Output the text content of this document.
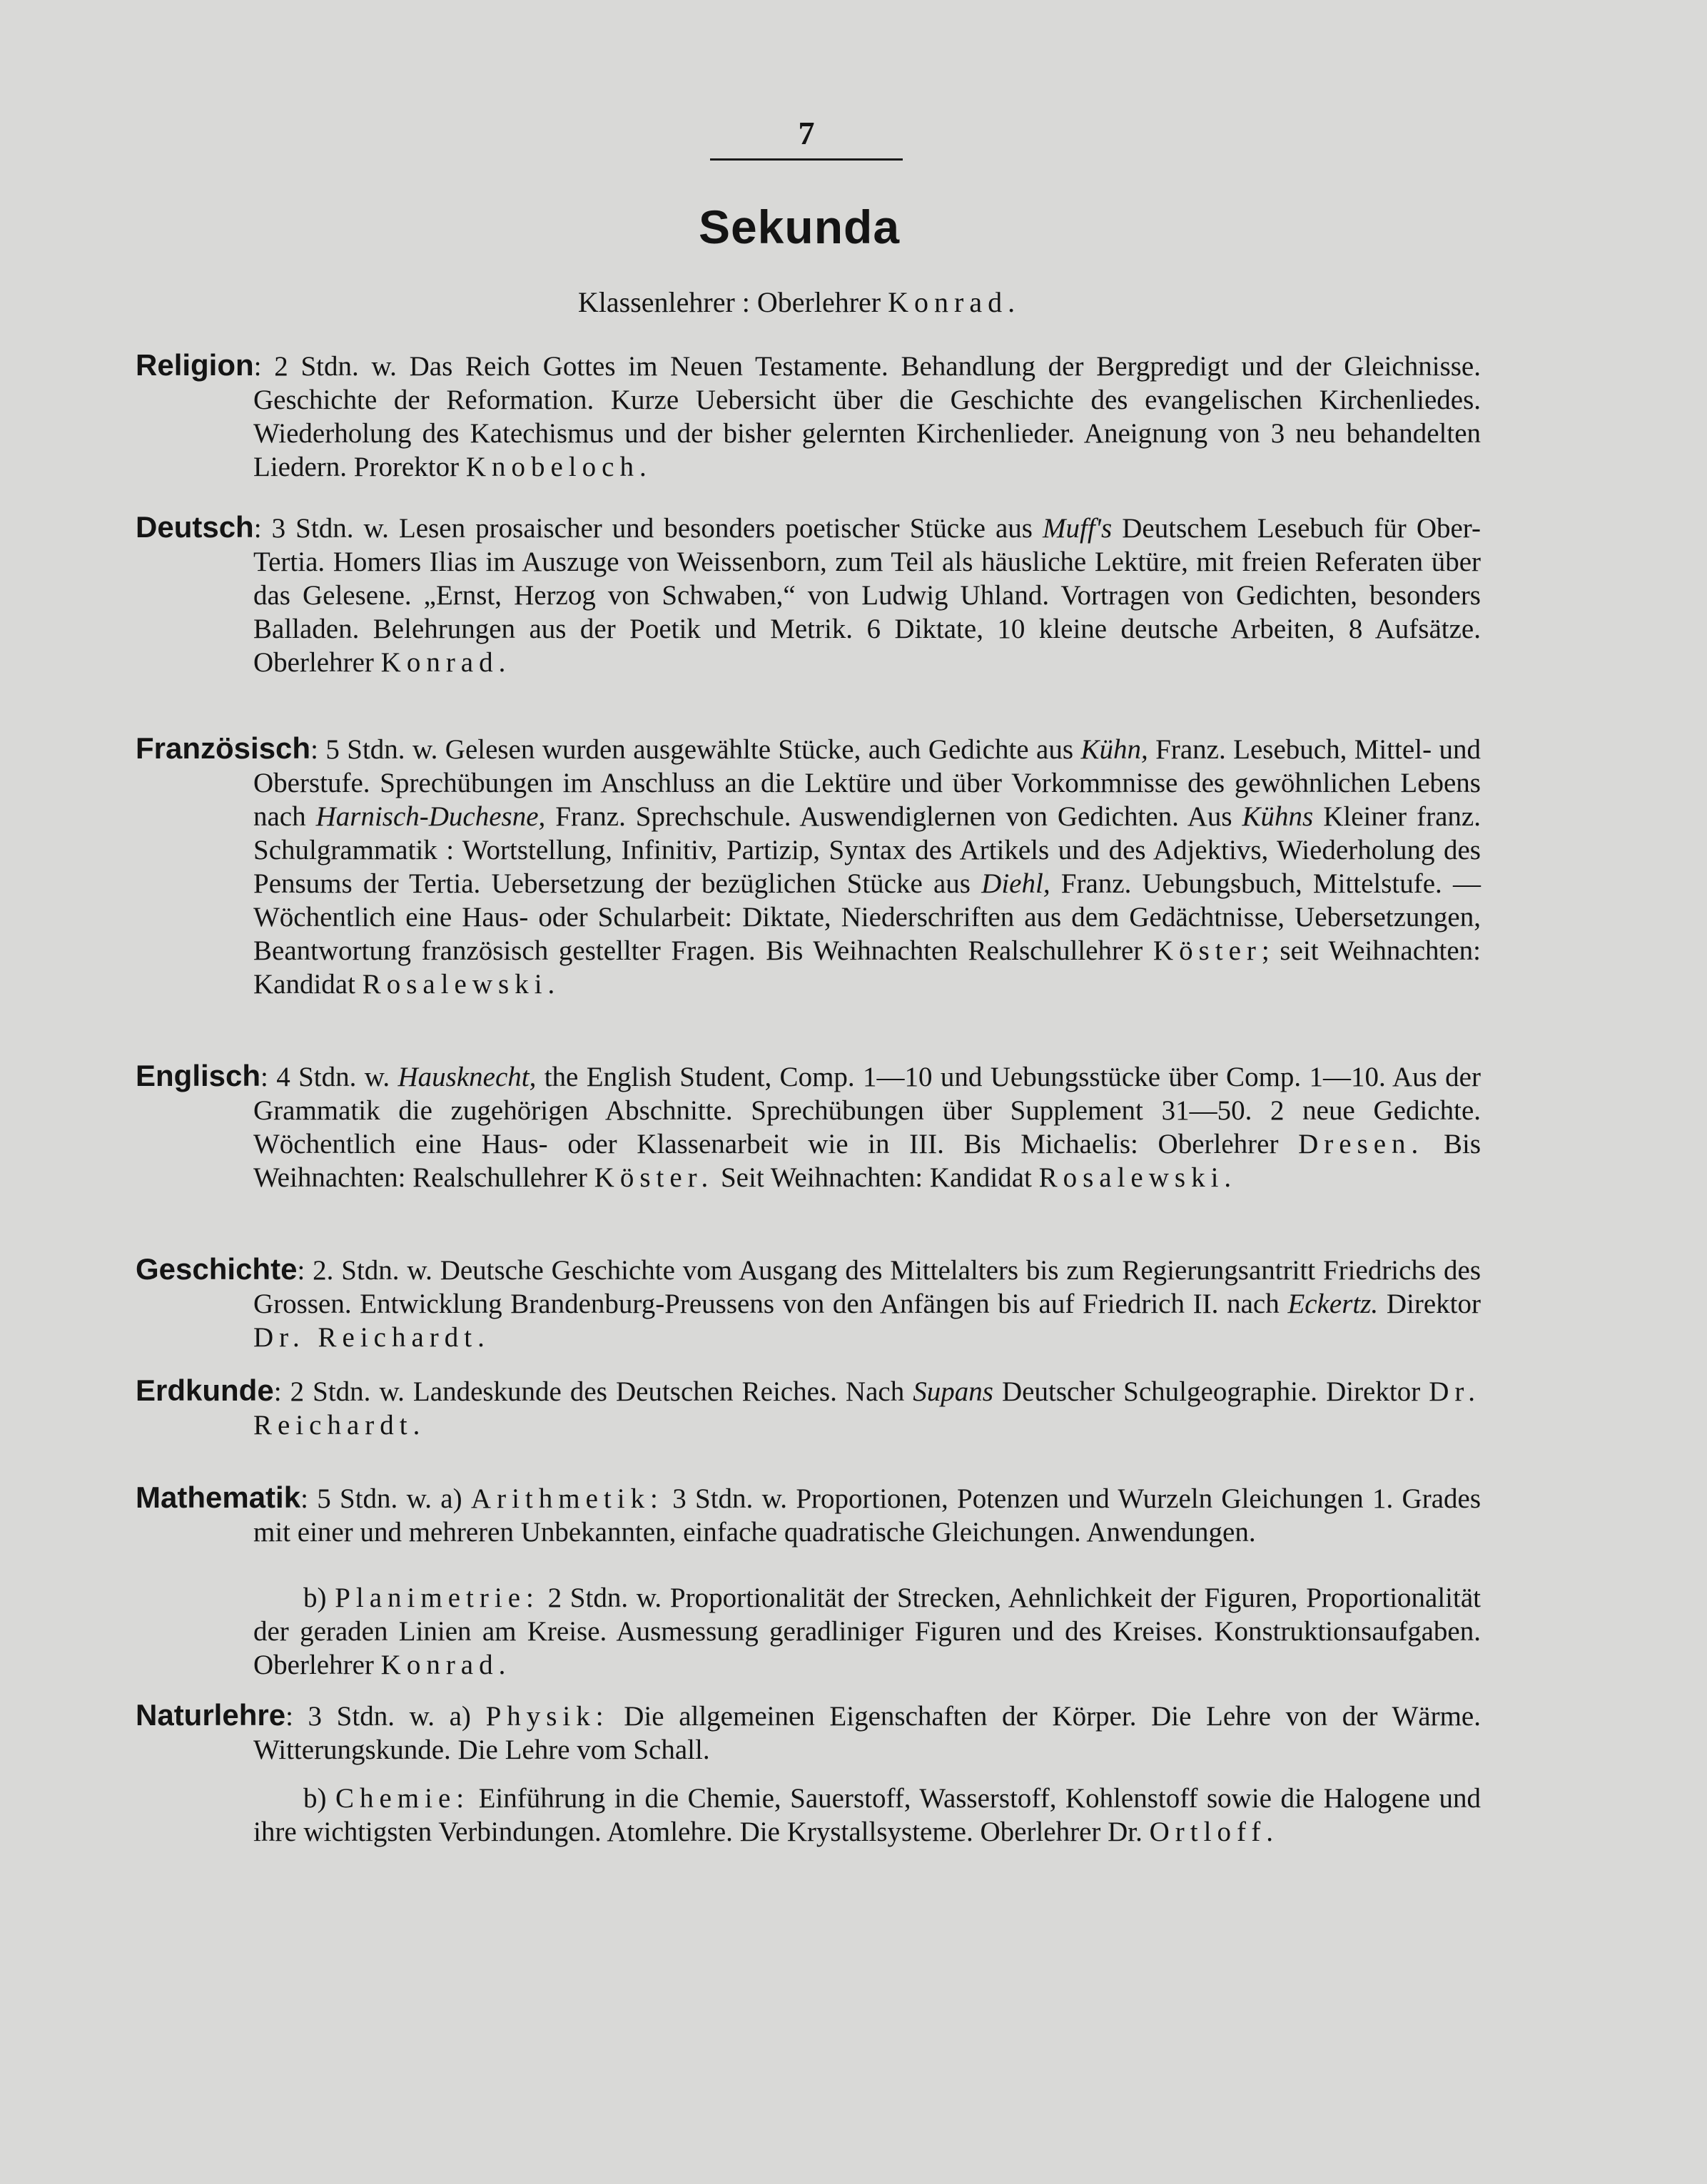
7
Sekunda
Klassenlehrer : Oberlehrer Konrad.
Religion: 2 Stdn. w. Das Reich Gottes im Neuen Testamente. Behandlung der Bergpredigt und der Gleichnisse. Geschichte der Reformation. Kurze Uebersicht über die Geschichte des evangelischen Kirchenliedes. Wiederholung des Katechismus und der bisher gelernten Kirchenlieder. Aneignung von 3 neu behandelten Liedern. Prorektor Knobeloch.
Deutsch: 3 Stdn. w. Lesen prosaischer und besonders poetischer Stücke aus Muff's Deutschem Lesebuch für Ober-Tertia. Homers Ilias im Auszuge von Weissenborn, zum Teil als häusliche Lektüre, mit freien Referaten über das Gelesene. „Ernst, Herzog von Schwaben,“ von Ludwig Uhland. Vortragen von Gedichten, besonders Balladen. Belehrungen aus der Poetik und Metrik. 6 Diktate, 10 kleine deutsche Arbeiten, 8 Aufsätze. Oberlehrer Konrad.
Französisch: 5 Stdn. w. Gelesen wurden ausgewählte Stücke, auch Gedichte aus Kühn, Franz. Lesebuch, Mittel- und Oberstufe. Sprechübungen im Anschluss an die Lektüre und über Vorkommnisse des gewöhnlichen Lebens nach Harnisch-Duchesne, Franz. Sprechschule. Auswendiglernen von Gedichten. Aus Kühns Kleiner franz. Schulgrammatik : Wortstellung, Infinitiv, Partizip, Syntax des Artikels und des Adjektivs, Wiederholung des Pensums der Tertia. Uebersetzung der bezüglichen Stücke aus Diehl, Franz. Uebungsbuch, Mittelstufe. — Wöchentlich eine Haus- oder Schularbeit: Diktate, Niederschriften aus dem Gedächtnisse, Uebersetzungen, Beantwortung französisch gestellter Fragen. Bis Weihnachten Realschullehrer Köster; seit Weihnachten: Kandidat Rosalewski.
Englisch: 4 Stdn. w. Hausknecht, the English Student, Comp. 1—10 und Uebungsstücke über Comp. 1—10. Aus der Grammatik die zugehörigen Abschnitte. Sprechübungen über Supplement 31—50. 2 neue Gedichte. Wöchentlich eine Haus- oder Klassenarbeit wie in III. Bis Michaelis: Oberlehrer Dresen. Bis Weihnachten: Realschullehrer Köster. Seit Weihnachten: Kandidat Rosalewski.
Geschichte: 2. Stdn. w. Deutsche Geschichte vom Ausgang des Mittelalters bis zum Regierungsantritt Friedrichs des Grossen. Entwicklung Brandenburg-Preussens von den Anfängen bis auf Friedrich II. nach Eckertz. Direktor Dr. Reichardt.
Erdkunde: 2 Stdn. w. Landeskunde des Deutschen Reiches. Nach Supans Deutscher Schulgeographie. Direktor Dr. Reichardt.
Mathematik: 5 Stdn. w. a) Arithmetik: 3 Stdn. w. Proportionen, Potenzen und Wurzeln Gleichungen 1. Grades mit einer und mehreren Unbekannten, einfache quadratische Gleichungen. Anwendungen.
b) Planimetrie: 2 Stdn. w. Proportionalität der Strecken, Aehnlichkeit der Figuren, Proportionalität der geraden Linien am Kreise. Ausmessung geradliniger Figuren und des Kreises. Konstruktionsaufgaben. Oberlehrer Konrad.
Naturlehre: 3 Stdn. w. a) Physik: Die allgemeinen Eigenschaften der Körper. Die Lehre von der Wärme. Witterungskunde. Die Lehre vom Schall.
b) Chemie: Einführung in die Chemie, Sauerstoff, Wasserstoff, Kohlenstoff sowie die Halogene und ihre wichtigsten Verbindungen. Atomlehre. Die Krystallsysteme. Oberlehrer Dr. Ortloff.
